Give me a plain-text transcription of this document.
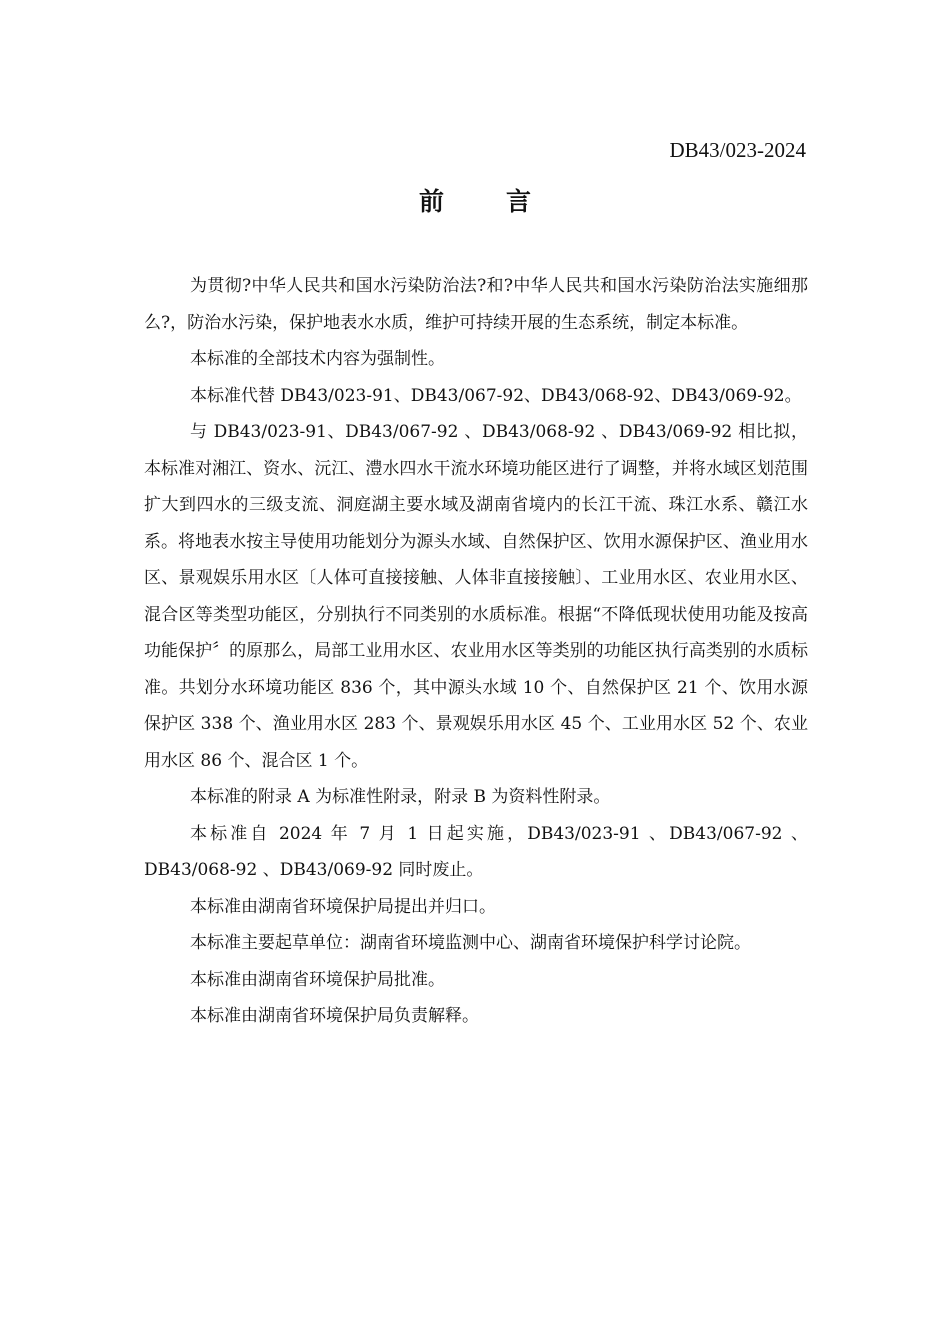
DB43/023-2024
前言

为贯彻?中华人民共和国水污染防治法?和?中华人民共和国水污染防治法实施细那么?，防治水污染，保护地表水水质，维护可持续开展的生态系统，制定本标准。

本标准的全部技术内容为强制性。

本标准代替 DB43/023-91、DB43/067-92、DB43/068-92、DB43/069-92。

与 DB43/023-91、DB43/067-92 、DB43/068-92 、DB43/069-92 相比拟，本标准对湘江、资水、沅江、澧水四水干流水环境功能区进行了调整，并将水域区划范围扩大到四水的三级支流、洞庭湖主要水域及湖南省境内的长江干流、珠江水系、赣江水系。将地表水按主导使用功能划分为源头水域、自然保护区、饮用水源保护区、渔业用水区、景观娱乐用水区〔人体可直接接触、人体非直接接触〕、工业用水区、农业用水区、混合区等类型功能区，分别执行不同类别的水质标准。根据“不降低现状使用功能及按高功能保护〞的原那么，局部工业用水区、农业用水区等类别的功能区执行高类别的水质标准。共划分水环境功能区 836 个，其中源头水域 10 个、自然保护区 21 个、饮用水源保护区 338 个、渔业用水区 283 个、景观娱乐用水区 45 个、工业用水区 52 个、农业用水区 86 个、混合区 1 个。

本标准的附录 A 为标准性附录，附录 B 为资料性附录。

本标准自 2024 年 7 月 1 日起实施，DB43/023-91 、DB43/067-92 、DB43/068-92 、DB43/069-92 同时废止。

本标准由湖南省环境保护局提出并归口。

本标准主要起草单位：湖南省环境监测中心、湖南省环境保护科学讨论院。

本标准由湖南省环境保护局批准。

本标准由湖南省环境保护局负责解释。
